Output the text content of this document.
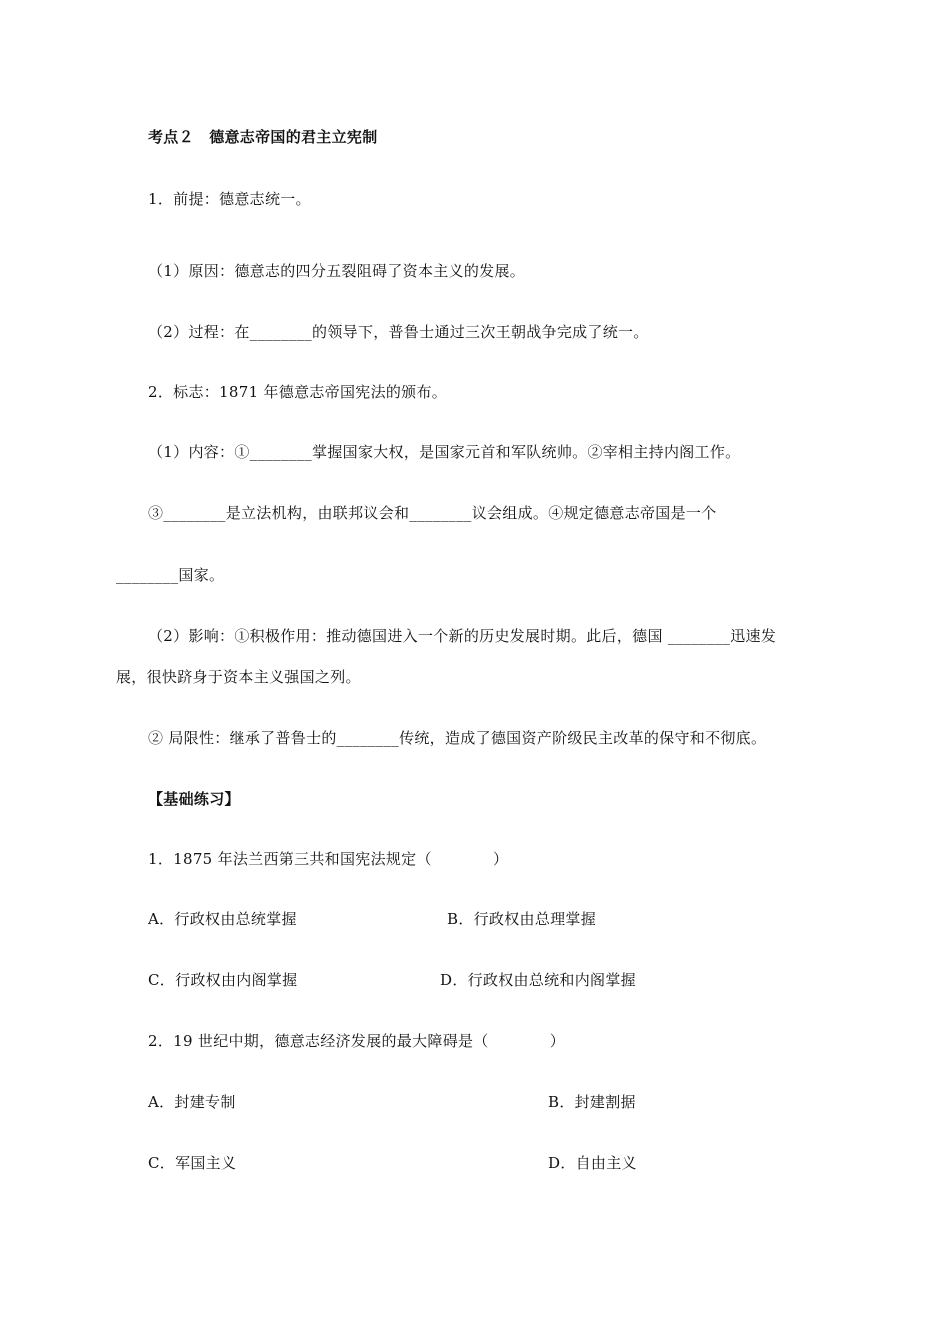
考点２　德意志帝国的君主立宪制
1．前提：德意志统一。
（1）原因：德意志的四分五裂阻碍了资本主义的发展。
（2）过程：在________的领导下，普鲁士通过三次王朝战争完成了统一。
2．标志：1871 年德意志帝国宪法的颁布。
（1）内容：①________掌握国家大权，是国家元首和军队统帅。②宰相主持内阁工作。
③________是立法机构，由联邦议会和________议会组成。④规定德意志帝国是一个
________国家。
（2）影响：①积极作用：推动德国进入一个新的历史发展时期。此后，德国 ________迅速发
展，很快跻身于资本主义强国之列。
② 局限性：继承了普鲁士的________传统，造成了德国资产阶级民主改革的保守和不彻底。
【基础练习】
1．1875 年法兰西第三共和国宪法规定（　　　　）
A．行政权由总统掌握	B．行政权由总理掌握
C．行政权由内阁掌握	D．行政权由总统和内阁掌握
2．19 世纪中期，德意志经济发展的最大障碍是（　　　　）
A．封建专制	B．封建割据
C．军国主义	D．自由主义
